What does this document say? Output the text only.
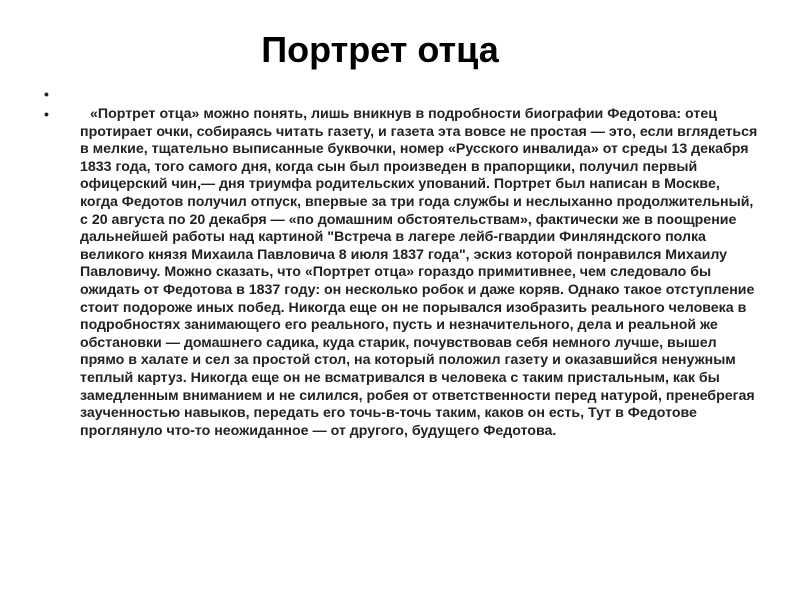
Портрет отца
•
•	«Портрет отца» можно понять, лишь вникнув в подробности биографии Федотова: отец протирает очки, собираясь читать газету, и газета эта вовсе не простая — это, если вглядеться в мелкие, тщательно выписанные буквочки, номер «Русского инвалида» от среды 13 декабря 1833 года, того самого дня, когда сын был произведен в прапорщики, получил первый офицерский чин,— дня триумфа родительских упований. Портрет был написан в Москве, когда Федотов получил отпуск, впервые за три года службы и неслыханно продолжительный, с 20 августа по 20 декабря — «по домашним обстоятельствам», фактически же в поощрение дальнейшей работы над картиной "Встреча в лагере лейб-гвардии Финляндского полка великого князя Михаила Павловича 8 июля 1837 года", эскиз которой понравился Михаилу Павловичу. Можно сказать, что «Портрет отца» гораздо примитивнее, чем следовало бы ожидать от Федотова в 1837 году: он несколько робок и даже коряв. Однако такое отступление стоит подороже иных побед. Никогда еще он не порывался изобразить реального человека в подробностях занимающего его реального, пусть и незначительного, дела и реальной же обстановки — домашнего садика, куда старик, почувствовав себя немного лучше, вышел прямо в халате и сел за простой стол, на который положил газету и оказавшийся ненужным теплый картуз. Никогда еще он не всматривался в человека с таким пристальным, как бы замедленным вниманием и не силился, робея от ответственности перед натурой, пренебрегая заученностью навыков, передать его точь-в-точь таким, каков он есть, Тут в Федотове проглянуло что-то неожиданное — от другого, будущего Федотова.
